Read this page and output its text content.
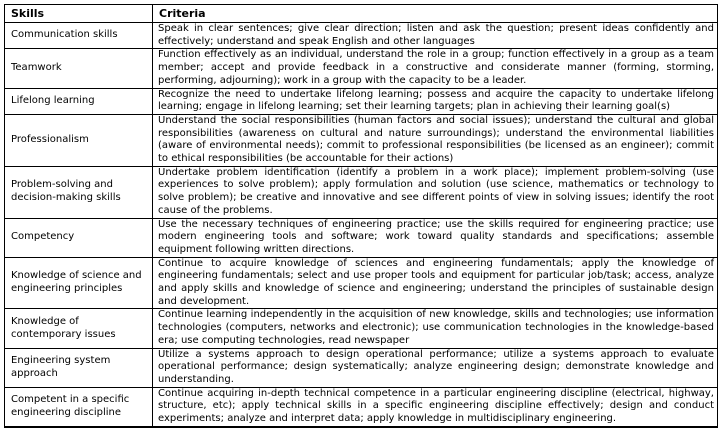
Skills	Criteria
Communication skills	Speak in clear sentences; give clear direction; listen and ask the question; present ideas confidently and effectively; understand and speak English and other languages
Teamwork	Function effectively as an individual, understand the role in a group; function effectively in a group as a team member; accept and provide feedback in a constructive and considerate manner (forming, storming, performing, adjourning); work in a group with the capacity to be a leader.
Lifelong learning	Recognize the need to undertake lifelong learning; possess and acquire the capacity to undertake lifelong learning; engage in lifelong learning; set their learning targets; plan in achieving their learning goal(s)
Professionalism	Understand the social responsibilities (human factors and social issues); understand the cultural and global responsibilities (awareness on cultural and nature surroundings); understand the environmental liabilities (aware of environmental needs); commit to professional responsibilities (be licensed as an engineer); commit to ethical responsibilities (be accountable for their actions)
Problem-solving and decision-making skills	Undertake problem identification (identify a problem in a work place); implement problem-solving (use experiences to solve problem); apply formulation and solution (use science, mathematics or technology to solve problem); be creative and innovative and see different points of view in solving issues; identify the root cause of the problems.
Competency	Use the necessary techniques of engineering practice; use the skills required for engineering practice; use modern engineering tools and software; work toward quality standards and specifications; assemble equipment following written directions.
Knowledge of science and engineering principles	Continue to acquire knowledge of sciences and engineering fundamentals; apply the knowledge of engineering fundamentals; select and use proper tools and equipment for particular job/task; access, analyze and apply skills and knowledge of science and engineering; understand the principles of sustainable design and development.
Knowledge of contemporary issues	Continue learning independently in the acquisition of new knowledge, skills and technologies; use information technologies (computers, networks and electronic); use communication technologies in the knowledge-based era; use computing technologies, read newspaper
Engineering system approach	Utilize a systems approach to design operational performance; utilize a systems approach to evaluate operational performance; design systematically; analyze engineering design; demonstrate knowledge and understanding.
Competent in a specific engineering discipline	Continue acquiring in-depth technical competence in a particular engineering discipline (electrical, highway, structure, etc); apply technical skills in a specific engineering discipline effectively; design and conduct experiments; analyze and interpret data; apply knowledge in multidisciplinary engineering.
